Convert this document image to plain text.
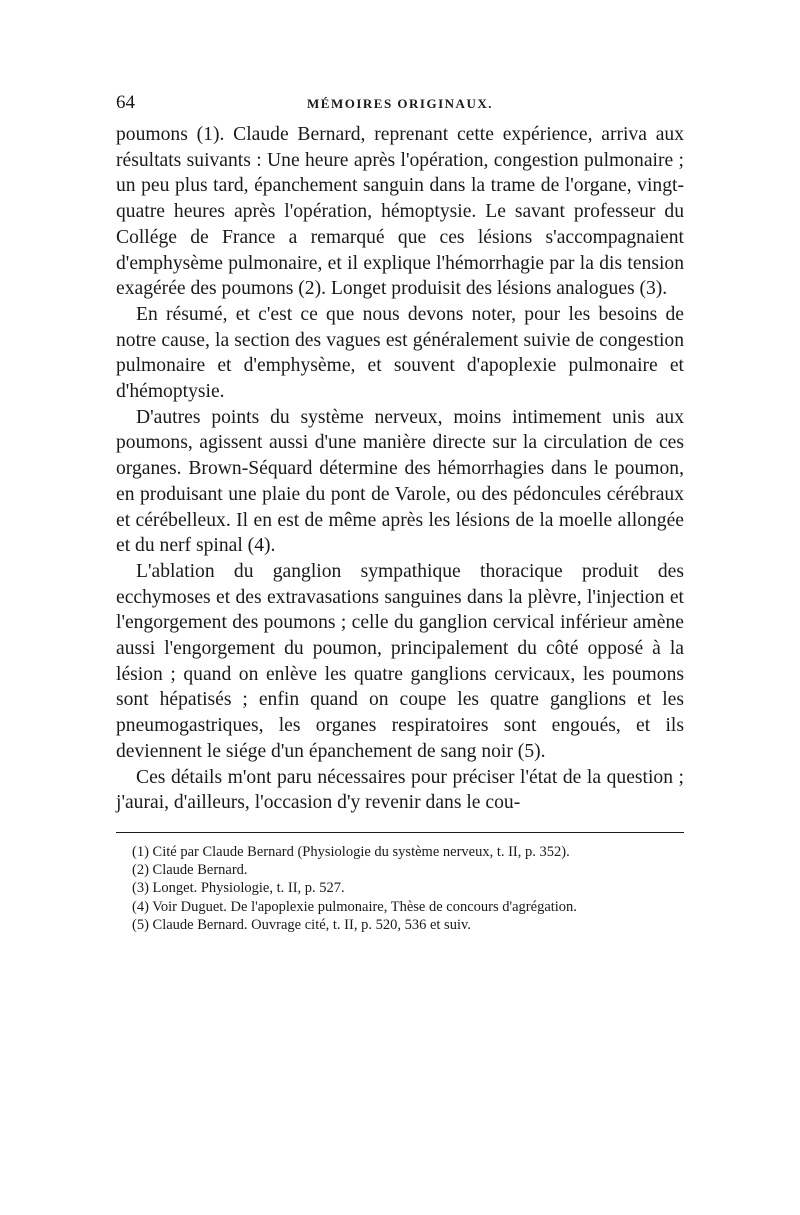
64	MÉMOIRES ORIGINAUX.

poumons (1). Claude Bernard, reprenant cette expérience, arriva aux résultats suivants : Une heure après l'opération, congestion pulmonaire ; un peu plus tard, épanchement sanguin dans la trame de l'organe, vingt-quatre heures après l'opération, hémoptysie. Le savant professeur du Collége de France a remarqué que ces lésions s'accompagnaient d'emphysème pulmonaire, et il explique l'hémorrhagie par la dis tension exagérée des poumons (2). Longet produisit des lésions analogues (3).

En résumé, et c'est ce que nous devons noter, pour les besoins de notre cause, la section des vagues est généralement suivie de congestion pulmonaire et d'emphysème, et souvent d'apoplexie pulmonaire et d'hémoptysie.

D'autres points du système nerveux, moins intimement unis aux poumons, agissent aussi d'une manière directe sur la circulation de ces organes. Brown-Séquard détermine des hémorrhagies dans le poumon, en produisant une plaie du pont de Varole, ou des pédoncules cérébraux et cérébelleux. Il en est de même après les lésions de la moelle allongée et du nerf spinal (4).

L'ablation du ganglion sympathique thoracique produit des ecchymoses et des extravasations sanguines dans la plèvre, l'injection et l'engorgement des poumons ; celle du ganglion cervical inférieur amène aussi l'engorgement du poumon, principalement du côté opposé à la lésion ; quand on enlève les quatre ganglions cervicaux, les poumons sont hépatisés ; enfin quand on coupe les quatre ganglions et les pneumogastriques, les organes respiratoires sont engoués, et ils deviennent le siége d'un épanchement de sang noir (5).

Ces détails m'ont paru nécessaires pour préciser l'état de la question ; j'aurai, d'ailleurs, l'occasion d'y revenir dans le cou-

(1) Cité par Claude Bernard (Physiologie du système nerveux, t. II, p. 352).
(2) Claude Bernard.
(3) Longet. Physiologie, t. II, p. 527.
(4) Voir Duguet. De l'apoplexie pulmonaire, Thèse de concours d'agrégation.
(5) Claude Bernard. Ouvrage cité, t. II, p. 520, 536 et suiv.
